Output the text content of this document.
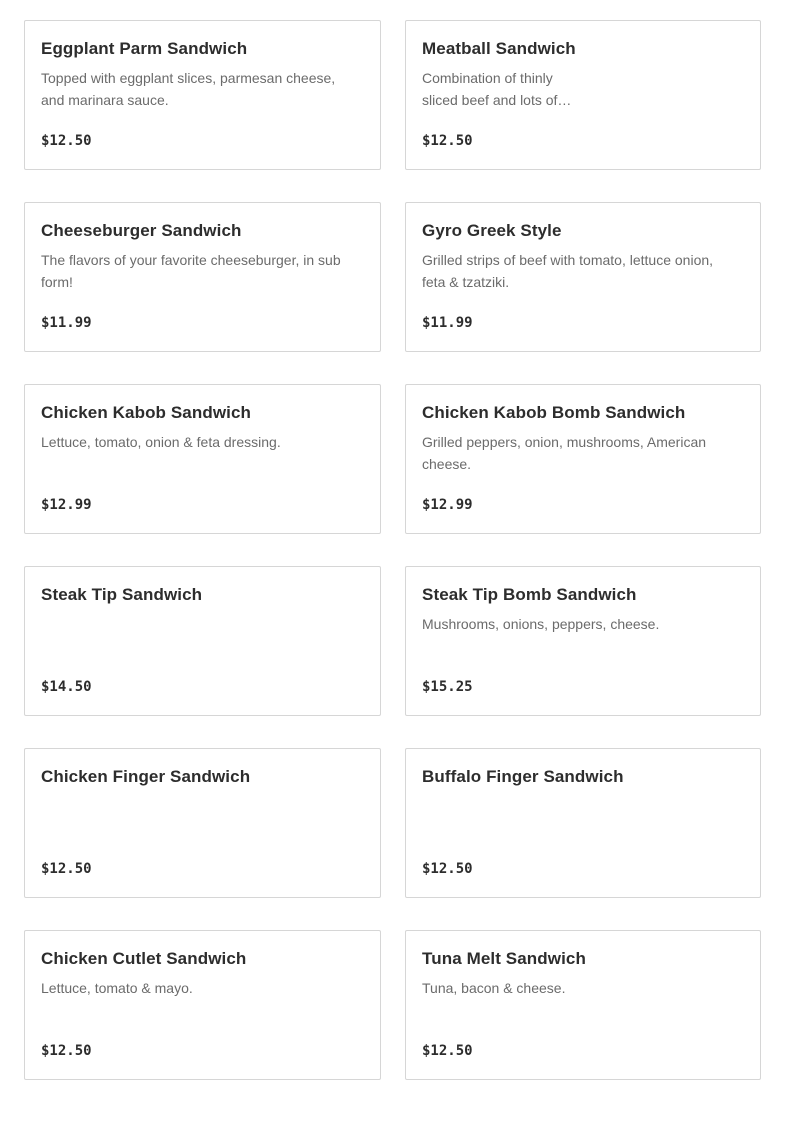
Eggplant Parm Sandwich
Topped with eggplant slices, parmesan cheese, and marinara sauce.
$12.50
Meatball Sandwich
Combination of thinly sliced beef and lots of…
$12.50
Cheeseburger Sandwich
The flavors of your favorite cheeseburger, in sub form!
$11.99
Gyro Greek Style
Grilled strips of beef with tomato, lettuce onion, feta & tzatziki.
$11.99
Chicken Kabob Sandwich
Lettuce, tomato, onion & feta dressing.
$12.99
Chicken Kabob Bomb Sandwich
Grilled peppers, onion, mushrooms, American cheese.
$12.99
Steak Tip Sandwich
$14.50
Steak Tip Bomb Sandwich
Mushrooms, onions, peppers, cheese.
$15.25
Chicken Finger Sandwich
$12.50
Buffalo Finger Sandwich
$12.50
Chicken Cutlet Sandwich
Lettuce, tomato & mayo.
$12.50
Tuna Melt Sandwich
Tuna, bacon & cheese.
$12.50
